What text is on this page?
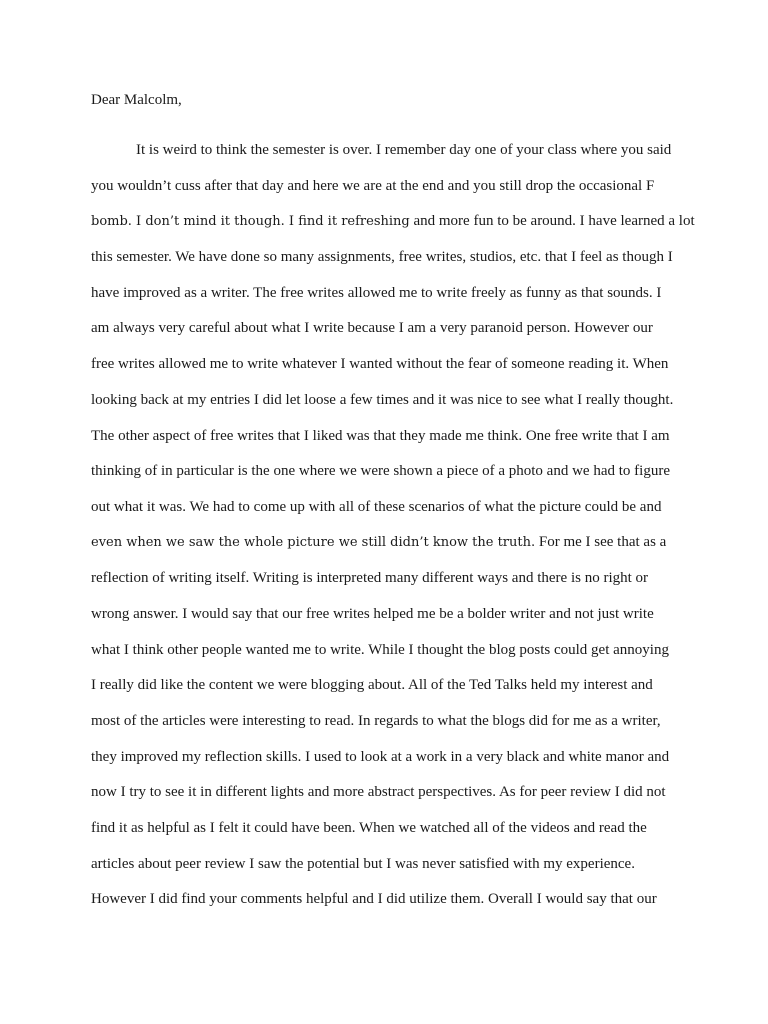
Dear Malcolm,
It is weird to think the semester is over. I remember day one of your class where you said
you wouldn’t cuss after that day and here we are at the end and you still drop the occasional F
bomb. I don’t mind it though. I find it refreshing and more fun to be around. I have learned a lot
this semester. We have done so many assignments, free writes, studios, etc. that I feel as though I
have improved as a writer. The free writes allowed me to write freely as funny as that sounds. I
am always very careful about what I write because I am a very paranoid person. However our
free writes allowed me to write whatever I wanted without the fear of someone reading it. When
looking back at my entries I did let loose a few times and it was nice to see what I really thought.
The other aspect of free writes that I liked was that they made me think. One free write that I am
thinking of in particular is the one where we were shown a piece of a photo and we had to figure
out what it was. We had to come up with all of these scenarios of what the picture could be and
even when we saw the whole picture we still didn’t know the truth. For me I see that as a
reflection of writing itself. Writing is interpreted many different ways and there is no right or
wrong answer. I would say that our free writes helped me be a bolder writer and not just write
what I think other people wanted me to write. While I thought the blog posts could get annoying
I really did like the content we were blogging about. All of the Ted Talks held my interest and
most of the articles were interesting to read. In regards to what the blogs did for me as a writer,
they improved my reflection skills. I used to look at a work in a very black and white manor and
now I try to see it in different lights and more abstract perspectives. As for peer review I did not
find it as helpful as I felt it could have been. When we watched all of the videos and read the
articles about peer review I saw the potential but I was never satisfied with my experience.
However I did find your comments helpful and I did utilize them. Overall I would say that our
